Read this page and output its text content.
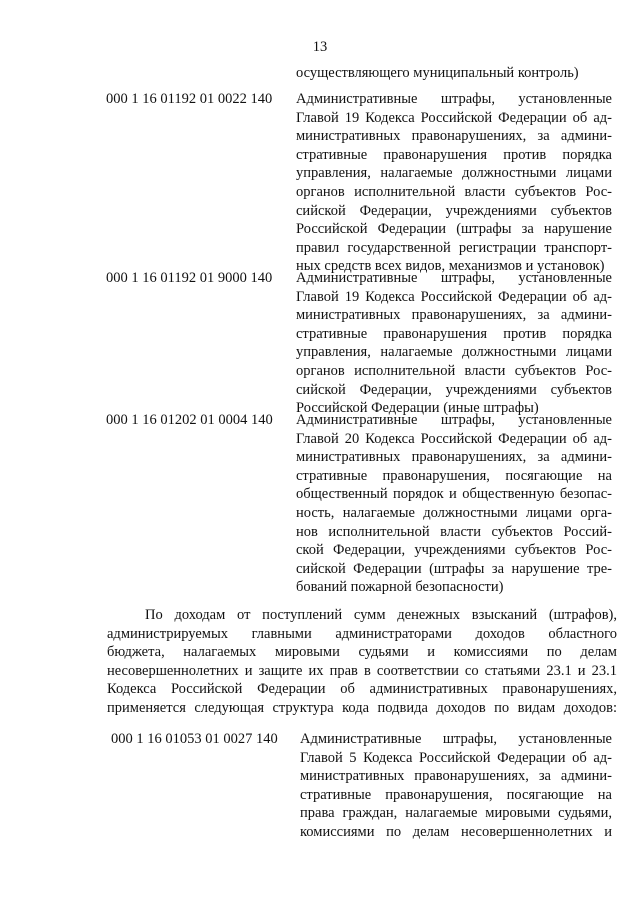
13
осуществляющего муниципальный контроль)
000 1 16 01192 01 0022 140 Административные штрафы, установленные
Главой 19 Кодекса Российской Федерации об ад-
министративных правонарушениях, за админи-
стративные правонарушения против порядка
управления, налагаемые должностными лицами
органов исполнительной власти субъектов Рос-
сийской Федерации, учреждениями субъектов
Российской Федерации (штрафы за нарушение
правил государственной регистрации транспорт-
ных средств всех видов, механизмов и установок)
000 1 16 01192 01 9000 140 Административные штрафы, установленные
Главой 19 Кодекса Российской Федерации об ад-
министративных правонарушениях, за админи-
стративные правонарушения против порядка
управления, налагаемые должностными лицами
органов исполнительной власти субъектов Рос-
сийской Федерации, учреждениями субъектов
Российской Федерации (иные штрафы)
000 1 16 01202 01 0004 140 Административные штрафы, установленные
Главой 20 Кодекса Российской Федерации об ад-
министративных правонарушениях, за админи-
стративные правонарушения, посягающие на
общественный порядок и общественную безопас-
ность, налагаемые должностными лицами орга-
нов исполнительной власти субъектов Россий-
ской Федерации, учреждениями субъектов Рос-
сийской Федерации (штрафы за нарушение тре-
бований пожарной безопасности)
По доходам от поступлений сумм денежных взысканий (штрафов),
администрируемых главными администраторами доходов областного
бюджета, налагаемых мировыми судьями и комиссиями по делам
несовершеннолетних и защите их прав в соответствии со статьями 23.1 и 23.1
Кодекса Российской Федерации об административных правонарушениях,
применяется следующая структура кода подвида доходов по видам доходов:
000 1 16 01053 01 0027 140 Административные штрафы, установленные
Главой 5 Кодекса Российской Федерации об ад-
министративных правонарушениях, за админи-
стративные правонарушения, посягающие на
права граждан, налагаемые мировыми судьями,
комиссиями по делам несовершеннолетних и
